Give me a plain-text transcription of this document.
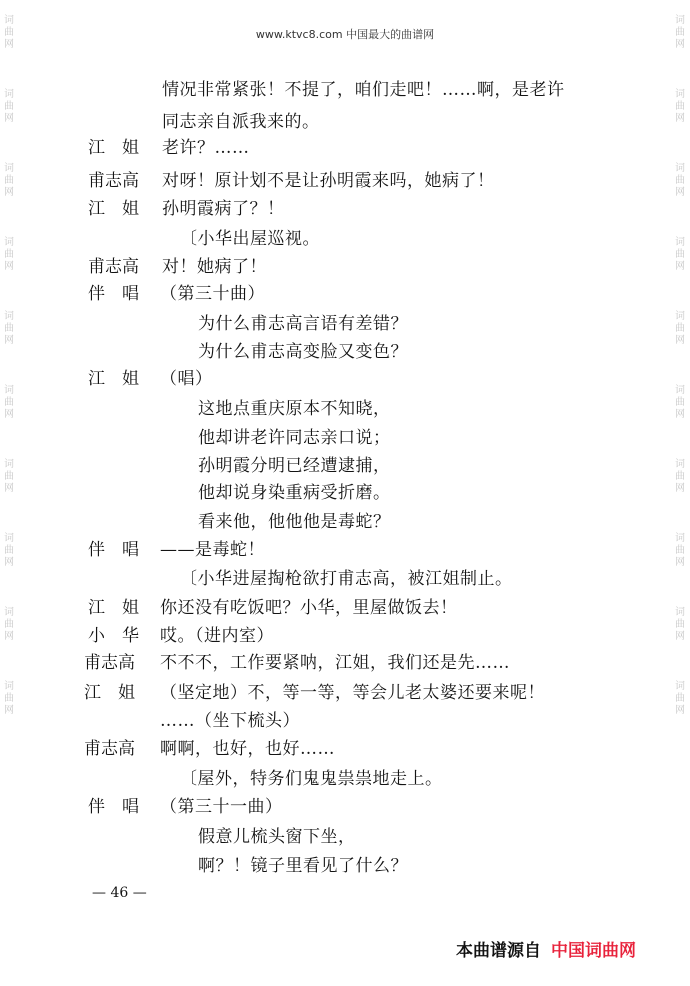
词
曲
网
词
曲
网
词
曲
网
词
曲
网
词
曲
网
词
曲
网
词
曲
网
词
曲
网
词
曲
网
词
曲
网
词
曲
网
词
曲
网
词
曲
网
词
曲
网
词
曲
网
词
曲
网
词
曲
网
词
曲
网
词
曲
网
词
曲
网
www.ktvc8.com 中国最大的曲谱网
情况非常紧张！不提了，咱们走吧！……啊，是老许
同志亲自派我来的。
江　姐 老许？……
甫志高 对呀！原计划不是让孙明霞来吗，她病了！
江　姐 孙明霞病了？！
〔小华出屋巡视。
甫志高 对！她病了！
伴　唱 （第三十曲）
为什么甫志高言语有差错？
为什么甫志高变脸又变色？
江　姐 （唱）
这地点重庆原本不知晓，
他却讲老许同志亲口说；
孙明霞分明已经遭逮捕，
他却说身染重病受折磨。
看来他，他他他是毒蛇？
伴　唱 ——是毒蛇！
〔小华进屋掏枪欲打甫志高，被江姐制止。
江　姐 你还没有吃饭吧？小华，里屋做饭去！
小　华 哎。（进内室）
甫志高 不不不，工作要紧呐，江姐，我们还是先……
江　姐 （坚定地）不，等一等，等会儿老太婆还要来呢！
……（坐下梳头）
甫志高 啊啊，也好，也好……
〔屋外，特务们鬼鬼祟祟地走上。
伴　唱 （第三十一曲）
假意儿梳头窗下坐，
啊？！镜子里看见了什么？
— 46 —
本曲谱源自 中国词曲网
